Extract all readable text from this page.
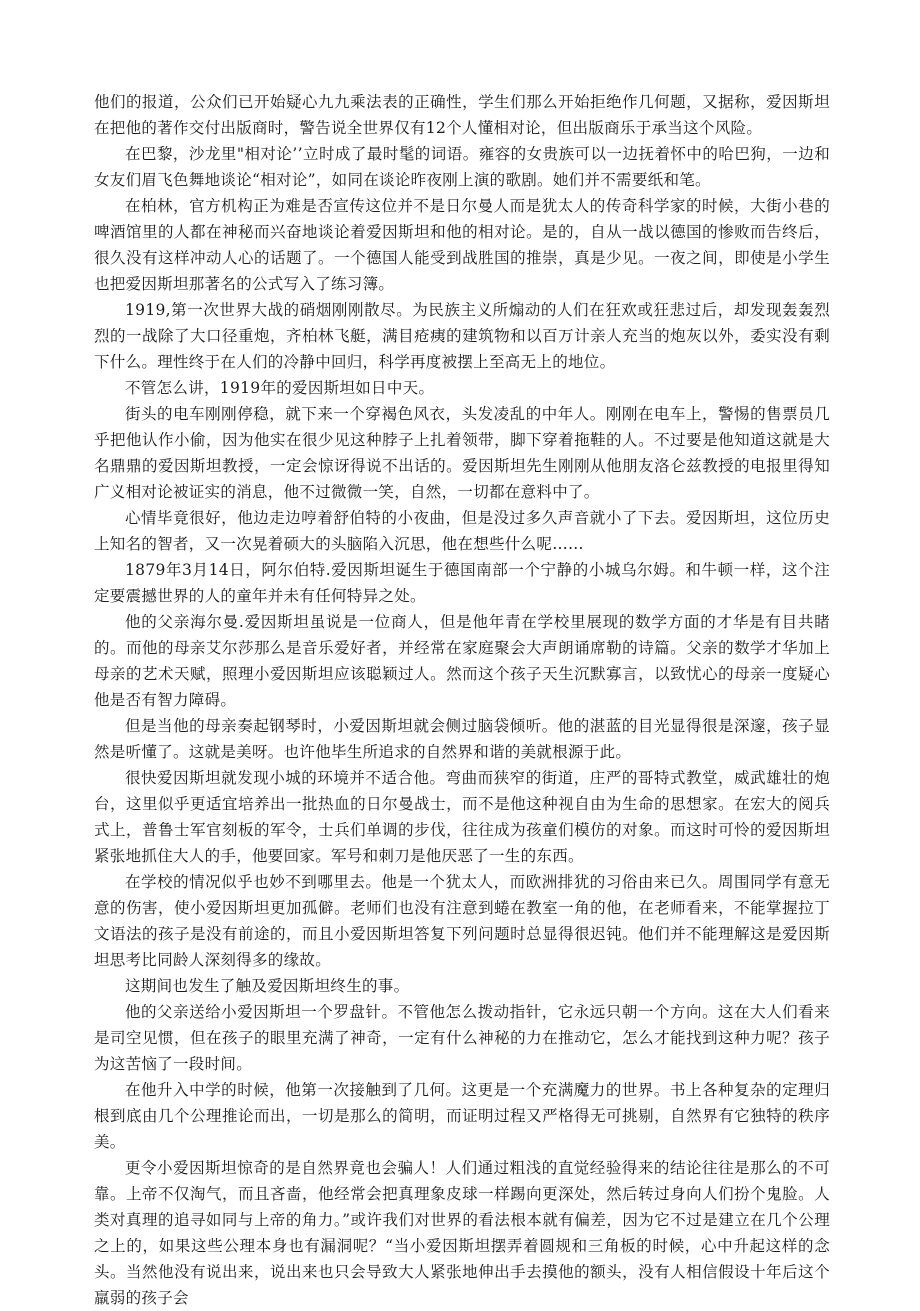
他们的报道，公众们已开始疑心九九乘法表的正确性，学生们那么开始拒绝作几何题，又据称，爱因斯坦在把他的著作交付出版商时，警告说全世界仅有12个人懂相对论，但出版商乐于承当这个风险。

在巴黎，沙龙里"相对论’’立时成了最时髦的词语。雍容的女贵族可以一边抚着怀中的哈巴狗，一边和女友们眉飞色舞地谈论“相对论”，如同在谈论昨夜刚上演的歌剧。她们并不需要纸和笔。

在柏林，官方机构正为难是否宣传这位并不是日尔曼人而是犹太人的传奇科学家的时候，大街小巷的啤酒馆里的人都在神秘而兴奋地谈论着爱因斯坦和他的相对论。是的，自从一战以德国的惨败而告终后，很久没有这样冲动人心的话题了。一个德国人能受到战胜国的推崇，真是少见。一夜之间，即使是小学生也把爱因斯坦那著名的公式写入了练习簿。

1919,第一次世界大战的硝烟刚刚散尽。为民族主义所煽动的人们在狂欢或狂悲过后，却发现轰轰烈烈的一战除了大口径重炮，齐柏林飞艇，满目疮痍的建筑物和以百万计亲人充当的炮灰以外，委实没有剩下什么。理性终于在人们的冷静中回归，科学再度被摆上至高无上的地位。

不管怎么讲，1919年的爱因斯坦如日中天。

街头的电车刚刚停稳，就下来一个穿褐色风衣，头发凌乱的中年人。刚刚在电车上，警惕的售票员几乎把他认作小偷，因为他实在很少见这种脖子上扎着领带，脚下穿着拖鞋的人。不过要是他知道这就是大名鼎鼎的爱因斯坦教授，一定会惊讶得说不出话的。爱因斯坦先生刚刚从他朋友洛仑兹教授的电报里得知广义相对论被证实的消息，他不过微微一笑，自然，一切都在意料中了。

心情毕竟很好，他边走边哼着舒伯特的小夜曲，但是没过多久声音就小了下去。爱因斯坦，这位历史上知名的智者，又一次晃着硕大的头脑陷入沉思，他在想些什么呢……

1879年3月14日，阿尔伯特.爱因斯坦诞生于德国南部一个宁静的小城乌尔姆。和牛顿一样，这个注定要震撼世界的人的童年并未有任何特异之处。

他的父亲海尔曼.爱因斯坦虽说是一位商人，但是他年青在学校里展现的数学方面的才华是有目共睹的。而他的母亲艾尔莎那么是音乐爱好者，并经常在家庭聚会大声朗诵席勒的诗篇。父亲的数学才华加上母亲的艺术天赋，照理小爱因斯坦应该聪颖过人。然而这个孩子天生沉默寡言，以致忧心的母亲一度疑心他是否有智力障碍。

但是当他的母亲奏起钢琴时，小爱因斯坦就会侧过脑袋倾听。他的湛蓝的目光显得很是深邃，孩子显然是听懂了。这就是美呀。也许他毕生所追求的自然界和谐的美就根源于此。

很快爱因斯坦就发现小城的环境并不适合他。弯曲而狭窄的街道，庄严的哥特式教堂，威武雄壮的炮台，这里似乎更适宜培养出一批热血的日尔曼战士，而不是他这种视自由为生命的思想家。在宏大的阅兵式上，普鲁士军官刻板的军令，士兵们单调的步伐，往往成为孩童们模仿的对象。而这时可怜的爱因斯坦紧张地抓住大人的手，他要回家。军号和刺刀是他厌恶了一生的东西。

在学校的情况似乎也妙不到哪里去。他是一个犹太人，而欧洲排犹的习俗由来已久。周围同学有意无意的伤害，使小爱因斯坦更加孤僻。老师们也没有注意到蜷在教室一角的他，在老师看来，不能掌握拉丁文语法的孩子是没有前途的，而且小爱因斯坦答复下列问题时总显得很迟钝。他们并不能理解这是爱因斯坦思考比同龄人深刻得多的缘故。

这期间也发生了触及爱因斯坦终生的事。

他的父亲送给小爱因斯坦一个罗盘针。不管他怎么拨动指针，它永远只朝一个方向。这在大人们看来是司空见惯，但在孩子的眼里充满了神奇，一定有什么神秘的力在推动它，怎么才能找到这种力呢？孩子为这苦恼了一段时间。

在他升入中学的时候，他第一次接触到了几何。这更是一个充满魔力的世界。书上各种复杂的定理归根到底由几个公理推论而出，一切是那么的简明，而证明过程又严格得无可挑剔，自然界有它独特的秩序美。

更令小爱因斯坦惊奇的是自然界竟也会骗人！人们通过粗浅的直觉经验得来的结论往往是那么的不可靠。上帝不仅淘气，而且吝啬，他经常会把真理象皮球一样踢向更深处，然后转过身向人们扮个鬼脸。人类对真理的追寻如同与上帝的角力。”或许我们对世界的看法根本就有偏差，因为它不过是建立在几个公理之上的，如果这些公理本身也有漏洞呢？“当小爱因斯坦摆弄着圆规和三角板的时候，心中升起这样的念头。当然他没有说出来，说出来也只会导致大人紧张地伸出手去摸他的额头，没有人相信假设十年后这个羸弱的孩子会
